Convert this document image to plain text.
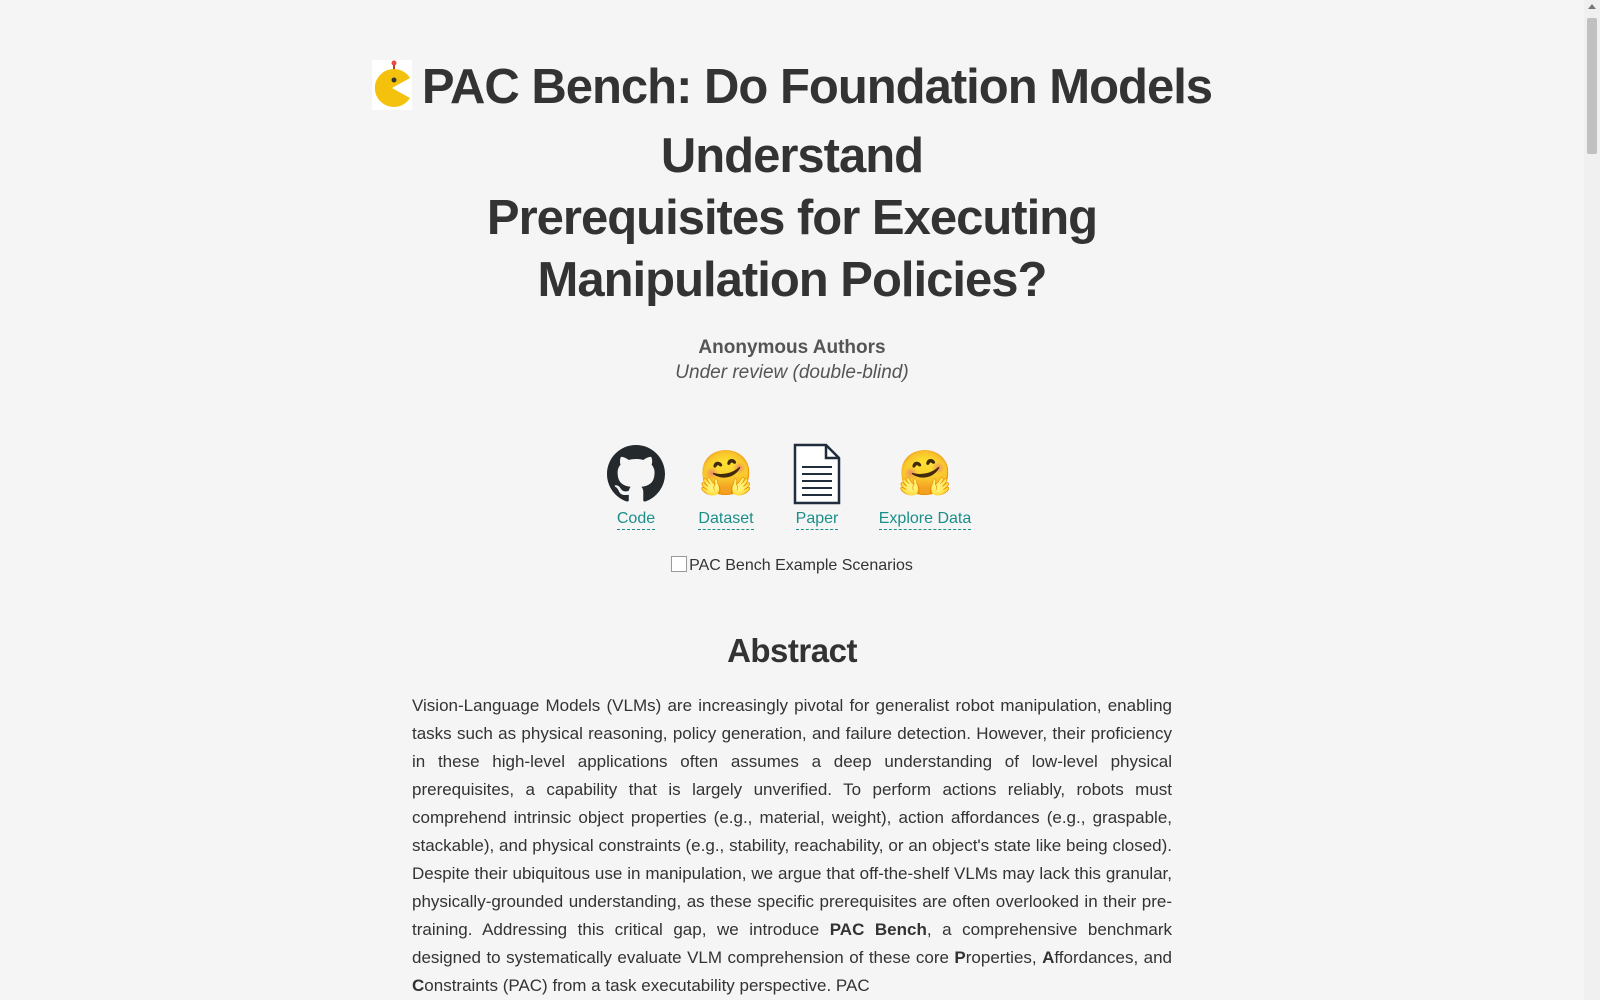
PAC Bench: Do Foundation Models Understand
Prerequisites for Executing Manipulation Policies?
Anonymous Authors
Under review (double-blind)
Code
🤗
Dataset	Paper
🤗
Explore Data
PAC Bench Example Scenarios
Abstract

Vision-Language Models (VLMs) are increasingly pivotal for generalist robot manipulation, enabling tasks such as physical reasoning, policy generation, and failure detection. However, their proficiency in these high-level applications often assumes a deep understanding of low-level physical prerequisites, a capability that is largely unverified. To perform actions reliably, robots must comprehend intrinsic object properties (e.g., material, weight), action affordances (e.g., graspable, stackable), and physical constraints (e.g., stability, reachability, or an object's state like being closed). Despite their ubiquitous use in manipulation, we argue that off-the-shelf VLMs may lack this granular, physically-grounded understanding, as these specific prerequisites are often overlooked in their pre-training. Addressing this critical gap, we introduce PAC Bench, a comprehensive benchmark designed to systematically evaluate VLM comprehension of these core Properties, Affordances, and Constraints (PAC) from a task executability perspective. PAC
